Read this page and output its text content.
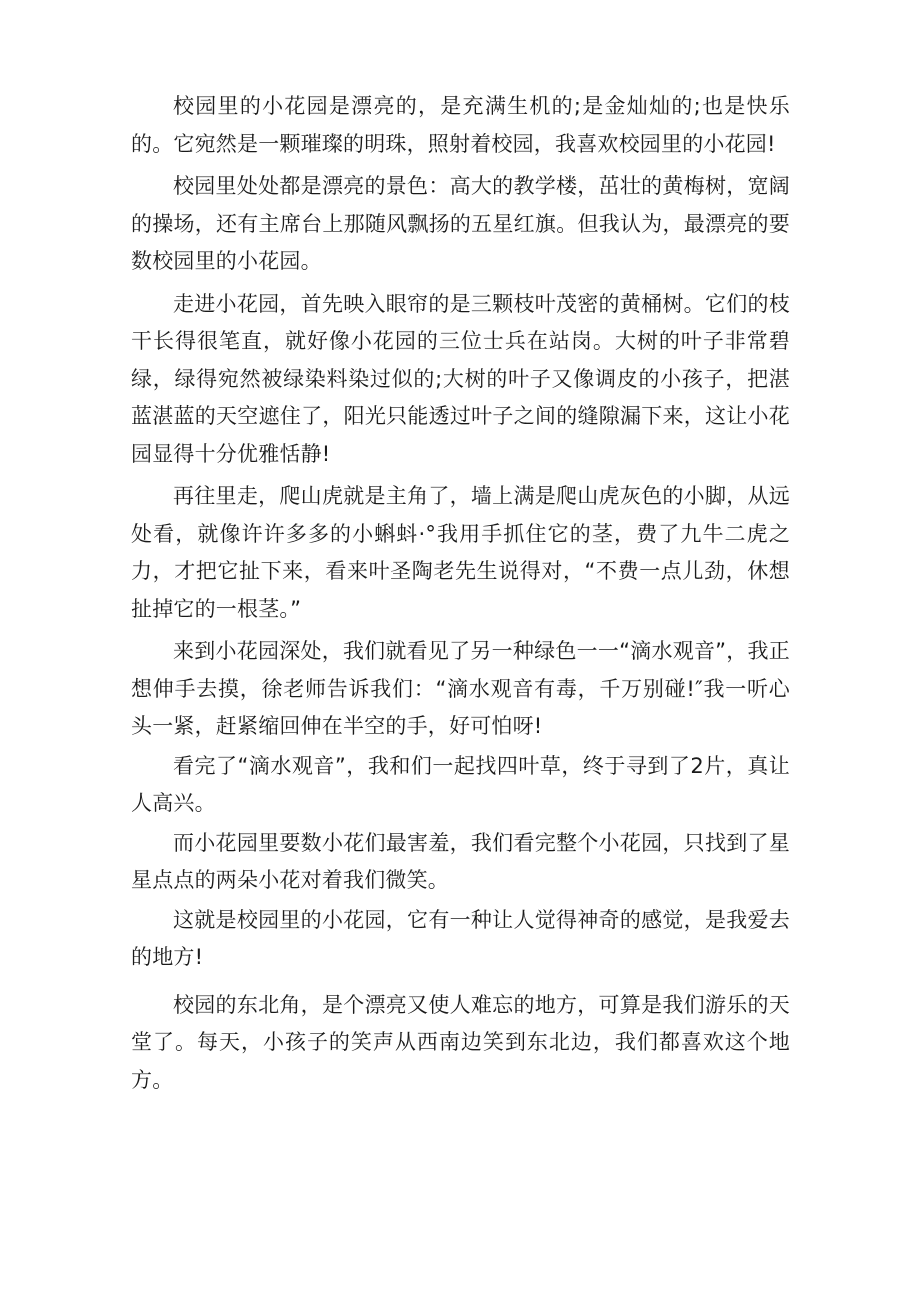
校园里的小花园是漂亮的，是充满生机的;是金灿灿的;也是快乐的。它宛然是一颗璀璨的明珠，照射着校园，我喜欢校园里的小花园!

校园里处处都是漂亮的景色：高大的教学楼，茁壮的黄梅树，宽阔的操场，还有主席台上那随风飘扬的五星红旗。但我认为，最漂亮的要数校园里的小花园。

走进小花园，首先映入眼帘的是三颗枝叶茂密的黄桶树。它们的枝干长得很笔直，就好像小花园的三位士兵在站岗。大树的叶子非常碧绿，绿得宛然被绿染料染过似的;大树的叶子又像调皮的小孩子，把湛蓝湛蓝的天空遮住了，阳光只能透过叶子之间的缝隙漏下来，这让小花园显得十分优雅恬静!

再往里走，爬山虎就是主角了，墙上满是爬山虎灰色的小脚，从远处看，就像许许多多的小蝌蚪·°我用手抓住它的茎，费了九牛二虎之力，才把它扯下来，看来叶圣陶老先生说得对，“不费一点儿劲，休想扯掉它的一根茎。”

来到小花园深处，我们就看见了另一种绿色一一“滴水观音”，我正想伸手去摸，徐老师告诉我们：“滴水观音有毒，千万别碰!″我一听心头一紧，赶紧缩回伸在半空的手，好可怕呀!

看完了“滴水观音”，我和们一起找四叶草，终于寻到了2片，真让人高兴。

而小花园里要数小花们最害羞，我们看完整个小花园，只找到了星星点点的两朵小花对着我们微笑。

这就是校园里的小花园，它有一种让人觉得神奇的感觉，是我爱去的地方!

校园的东北角，是个漂亮又使人难忘的地方，可算是我们游乐的天堂了。每天，小孩子的笑声从西南边笑到东北边，我们都喜欢这个地方。
